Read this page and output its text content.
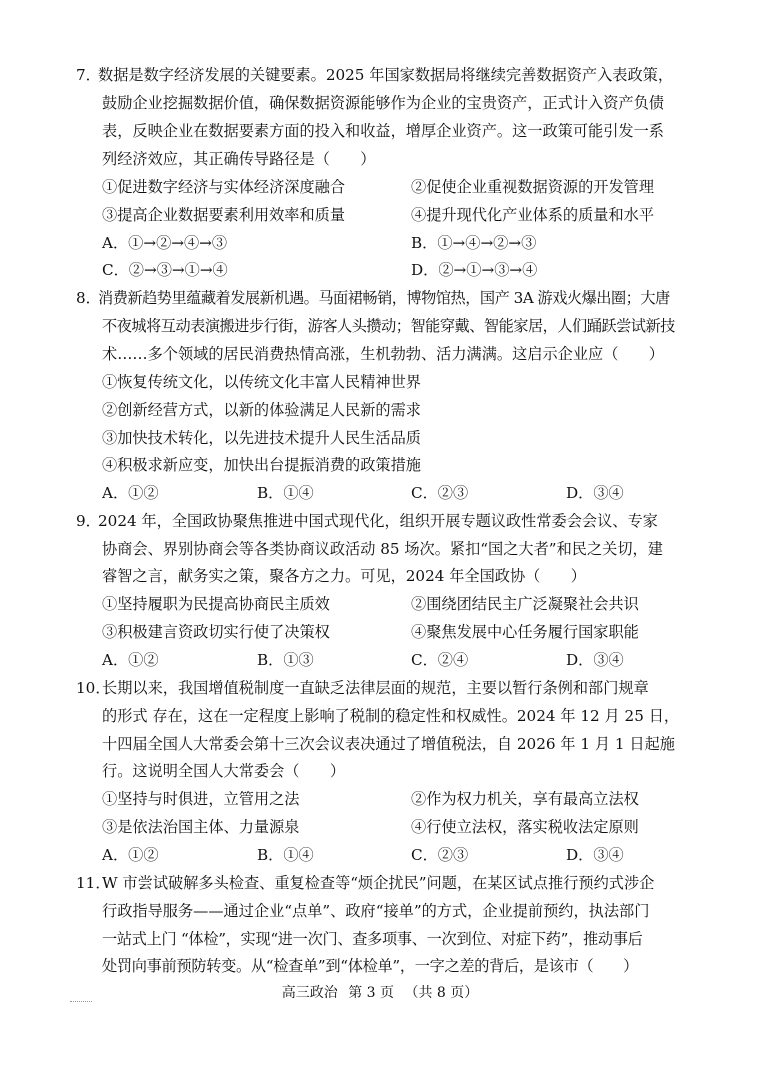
7．
数据是数字经济发展的关键要素。2025 年国家数据局将继续完善数据资产入表政策，
鼓励企业挖掘数据价值，确保数据资源能够作为企业的宝贵资产，正式计入资产负债
表，反映企业在数据要素方面的投入和收益，增厚企业资产。这一政策可能引发一系
列经济效应，其正确传导路径是（　　）
①促进数字经济与实体经济深度融合	②促使企业重视数据资源的开发管理
③提高企业数据要素利用效率和质量	④提升现代化产业体系的质量和水平
A．①→②→④→③	B．①→④→②→③
C．②→③→①→④	D．②→①→③→④
8．
消费新趋势里蕴藏着发展新机遇。马面裙畅销，博物馆热，国产 3A 游戏火爆出圈；大唐
不夜城将互动表演搬进步行街，游客人头攒动；智能穿戴、智能家居，人们踊跃尝试新技
术……多个领域的居民消费热情高涨，生机勃勃、活力满满。这启示企业应（　　）
①恢复传统文化，以传统文化丰富人民精神世界
②创新经营方式，以新的体验满足人民新的需求
③加快技术转化，以先进技术提升人民生活品质
④积极求新应变，加快出台提振消费的政策措施
A．①②	B．①④	C．②③	D．③④
9．
2024 年，全国政协聚焦推进中国式现代化，组织开展专题议政性常委会会议、专家
协商会、界别协商会等各类协商议政活动 85 场次。紧扣“国之大者”和民之关切，建
睿智之言，献务实之策，聚各方之力。可见，2024 年全国政协（　　）
①坚持履职为民提高协商民主质效	②围绕团结民主广泛凝聚社会共识
③积极建言资政切实行使了决策权	④聚焦发展中心任务履行国家职能
A．①②	B．①③	C．②④	D．③④
10．
长期以来，我国增值税制度一直缺乏法律层面的规范，主要以暂行条例和部门规章
的形式 存在，这在一定程度上影响了税制的稳定性和权威性。2024 年 12 月 25 日，
十四届全国人大常委会第十三次会议表决通过了增值税法，自 2026 年 1 月 1 日起施
行。这说明全国人大常委会（　　）
①坚持与时俱进，立管用之法	②作为权力机关，享有最高立法权
③是依法治国主体、力量源泉	④行使立法权，落实税收法定原则
A．①②	B．①④	C．②③	D．③④
11．
W 市尝试破解多头检查、重复检查等“烦企扰民”问题，在某区试点推行预约式涉企
行政指导服务——通过企业“点单”、政府“接单”的方式，企业提前预约，执法部门
一站式上门 “体检”，实现“进一次门、查多项事、一次到位、对症下药”，推动事后
处罚向事前预防转变。从“检查单”到“体检单”，一字之差的背后，是该市（　　）
高三政治 第 3 页 （共 8 页）
